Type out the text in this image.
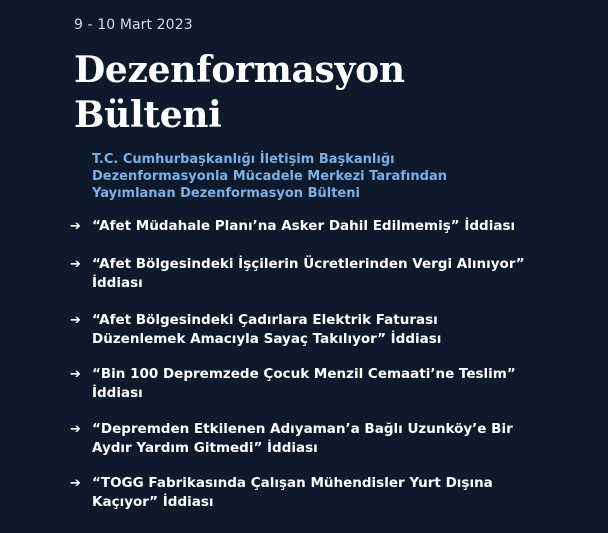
9 - 10 Mart 2023
Dezenformasyon
Bülteni
T.C. Cumhurbaşkanlığı İletişim Başkanlığı
Dezenformasyonla Mücadele Merkezi Tarafından
Yayımlanan Dezenformasyon Bülteni
➔ “Afet Müdahale Planı’na Asker Dahil Edilmemiş” İddiası
➔ “Afet Bölgesindeki İşçilerin Ücretlerinden Vergi Alınıyor”
İddiası
➔ “Afet Bölgesindeki Çadırlara Elektrik Faturası
Düzenlemek Amacıyla Sayaç Takılıyor” İddiası
➔ “Bin 100 Depremzede Çocuk Menzil Cemaati’ne Teslim”
İddiası
➔ “Depremden Etkilenen Adıyaman’a Bağlı Uzunköy’e Bir
Aydır Yardım Gitmedi” İddiası
➔ “TOGG Fabrikasında Çalışan Mühendisler Yurt Dışına
Kaçıyor” İddiası
